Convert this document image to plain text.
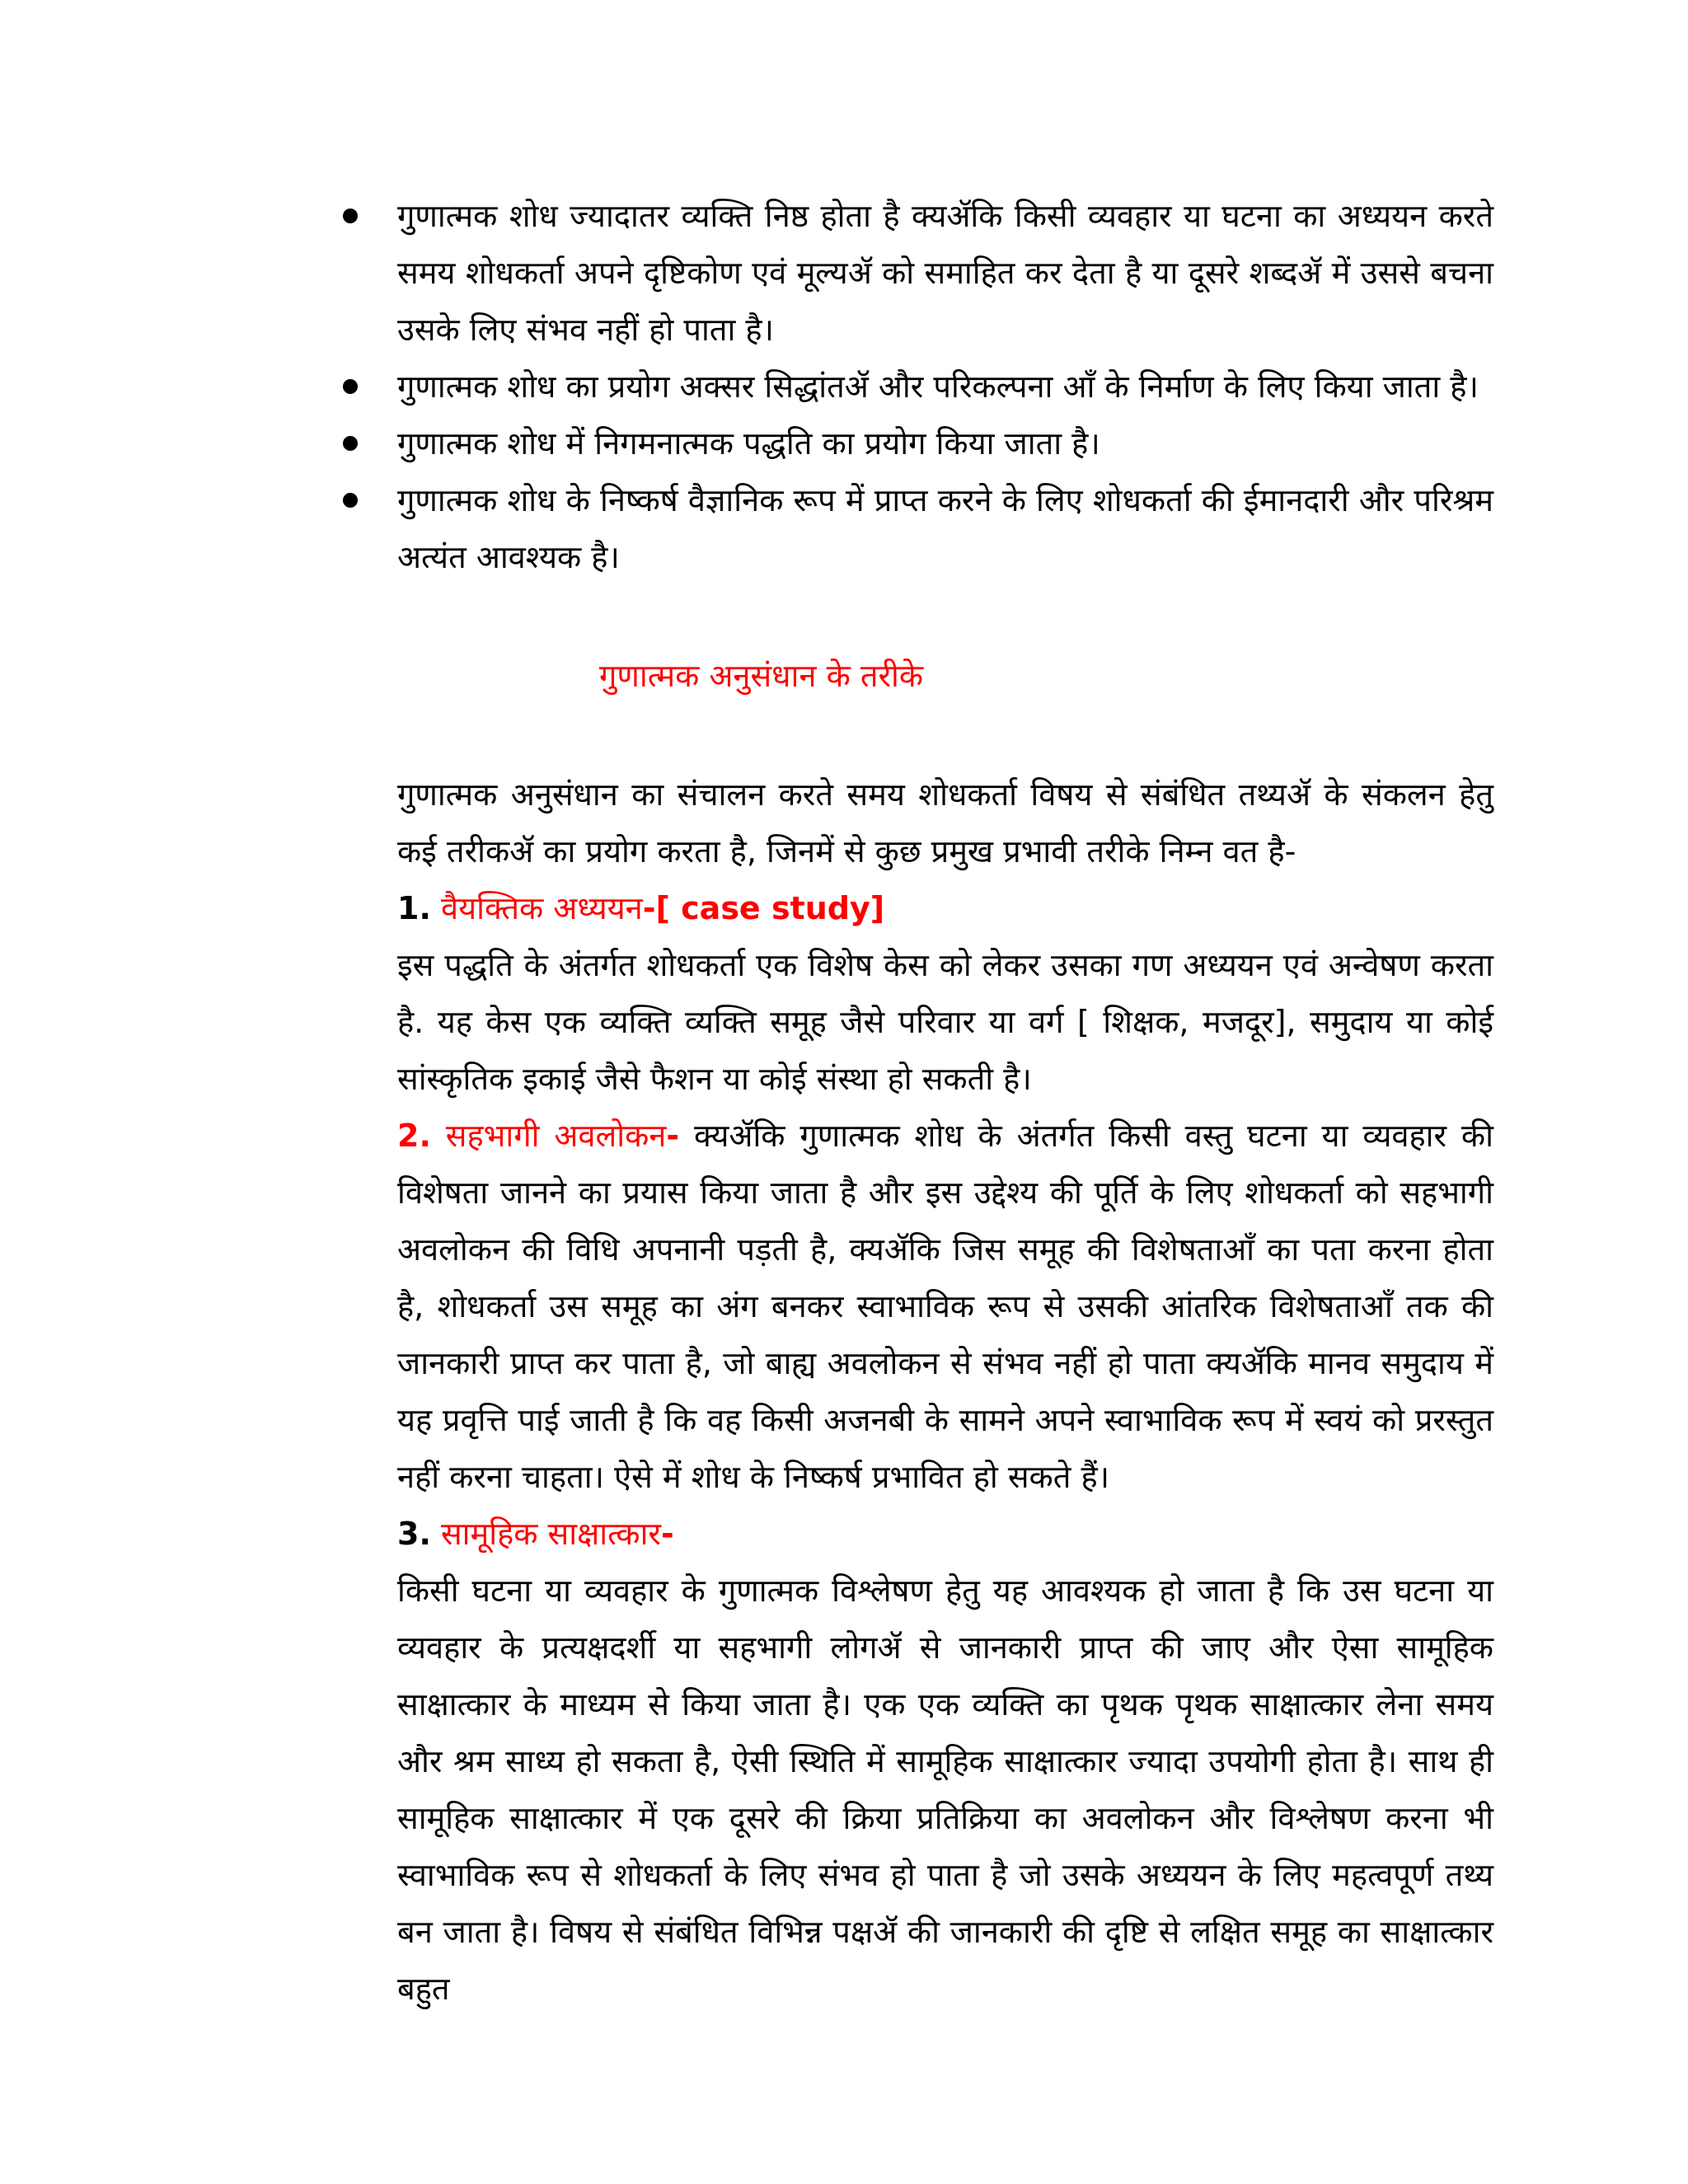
गुणात्मक शोध ज्यादातर व्यक्ति निष्ठ होता है क्यॲकि किसी व्यवहार या घटना का अध्ययन करते समय शोधकर्ता अपने दृष्टिकोण एवं मूल्यॲ को समाहित कर देता है या दूसरे शब्दॲ में उससे बचना उसके लिए संभव नहीं हो पाता है।
गुणात्मक शोध का प्रयोग अक्सर सिद्धांतॲ और परिकल्पना ऑं के निर्माण के लिए किया जाता है।
गुणात्मक शोध में निगमनात्मक पद्धति का प्रयोग किया जाता है।
गुणात्मक शोध के निष्कर्ष वैज्ञानिक रूप में प्राप्त करने के लिए शोधकर्ता की ईमानदारी और परिश्रम अत्यंत आवश्यक है।

गुणात्मक अनुसंधान के तरीके

गुणात्मक अनुसंधान का संचालन करते समय शोधकर्ता विषय से संबंधित तथ्यॲ के संकलन हेतु कई तरीकॲ का प्रयोग करता है, जिनमें से कुछ प्रमुख प्रभावी तरीके निम्न वत है-

1. वैयक्तिक अध्ययन-[ case study]

इस पद्धति के अंतर्गत शोधकर्ता एक विशेष केस को लेकर उसका गण अध्ययन एवं अन्वेषण करता है. यह केस एक व्यक्ति व्यक्ति समूह जैसे परिवार या वर्ग [ शिक्षक, मजदूर], समुदाय या कोई सांस्कृतिक इकाई जैसे फैशन या कोई संस्था हो सकती है।

2. सहभागी अवलोकन- क्यॲकि गुणात्मक शोध के अंतर्गत किसी वस्तु घटना या व्यवहार की विशेषता जानने का प्रयास किया जाता है और इस उद्देश्य की पूर्ति के लिए शोधकर्ता को सहभागी अवलोकन की विधि अपनानी पड़ती है, क्यॲकि जिस समूह की विशेषताऑं का पता करना होता है, शोधकर्ता उस समूह का अंग बनकर स्वाभाविक रूप से उसकी आंतरिक विशेषताऑं तक की जानकारी प्राप्त कर पाता है, जो बाह्य अवलोकन से संभव नहीं हो पाता क्यॲकि मानव समुदाय में यह प्रवृत्ति पाई जाती है कि वह किसी अजनबी के सामने अपने स्वाभाविक रूप में स्वयं को प्ररस्तुत नहीं करना चाहता। ऐसे में शोध के निष्कर्ष प्रभावित हो सकते हैं।

3. सामूहिक साक्षात्कार-

किसी घटना या व्यवहार के गुणात्मक विश्लेषण हेतु यह आवश्यक हो जाता है कि उस घटना या व्यवहार के प्रत्यक्षदर्शी या सहभागी लोगॲ से जानकारी प्राप्त की जाए और ऐसा सामूहिक साक्षात्कार के माध्यम से किया जाता है। एक एक व्यक्ति का पृथक पृथक साक्षात्कार लेना समय और श्रम साध्य हो सकता है, ऐसी स्थिति में सामूहिक साक्षात्कार ज्यादा उपयोगी होता है। साथ ही सामूहिक साक्षात्कार में एक दूसरे की क्रिया प्रतिक्रिया का अवलोकन और विश्लेषण करना भी स्वाभाविक रूप से शोधकर्ता के लिए संभव हो पाता है जो उसके अध्ययन के लिए महत्वपूर्ण तथ्य बन जाता है। विषय से संबंधित विभिन्न पक्षॲ की जानकारी की दृष्टि से लक्षित समूह का साक्षात्कार बहुत
